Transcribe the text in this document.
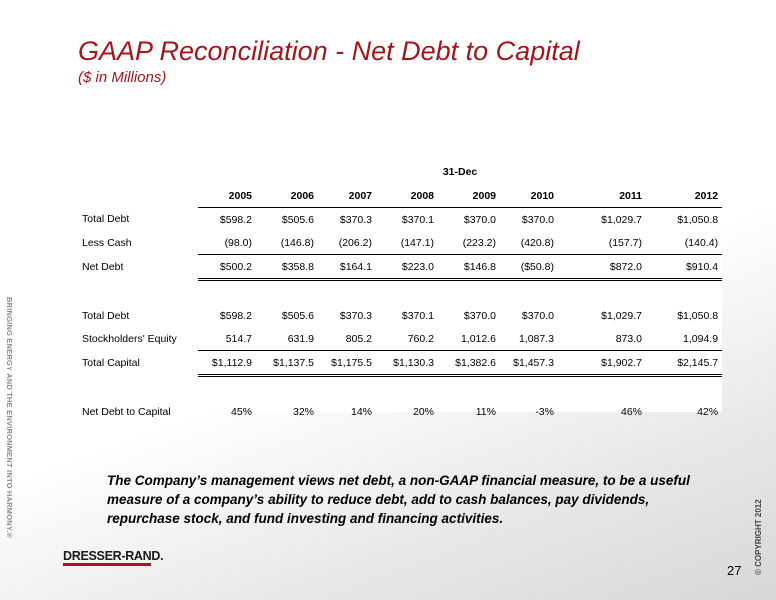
GAAP Reconciliation - Net Debt to Capital
($ in Millions)
BRINGING ENERGY AND THE ENVIRONMENT INTO HARMONY.®
	31-Dec							
	2005	2006	2007	2008	2009	2010	2011	2012
Total Debt	$598.2	$505.6	$370.3	$370.1	$370.0	$370.0	$1,029.7	$1,050.8
Less Cash	(98.0)	(146.8)	(206.2)	(147.1)	(223.2)	(420.8)	(157.7)	(140.4)
Net Debt	$500.2	$358.8	$164.1	$223.0	$146.8	($50.8)	$872.0	$910.4

Total Debt	$598.2	$505.6	$370.3	$370.1	$370.0	$370.0	$1,029.7	$1,050.8
Stockholders' Equity	514.7	631.9	805.2	760.2	1,012.6	1,087.3	873.0	1,094.9
Total Capital	$1,112.9	$1,137.5	$1,175.5	$1,130.3	$1,382.6	$1,457.3	$1,902.7	$2,145.7

Net Debt to Capital	45%	32%	14%	20%	11%	-3%	46%	42%
The Company’s management views net debt, a non-GAAP financial measure, to be a useful measure of a company’s ability to reduce debt, add to cash balances, pay dividends, repurchase stock, and fund investing and financing activities.	© COPYRIGHT 2012
DRESSER-RAND.
27
